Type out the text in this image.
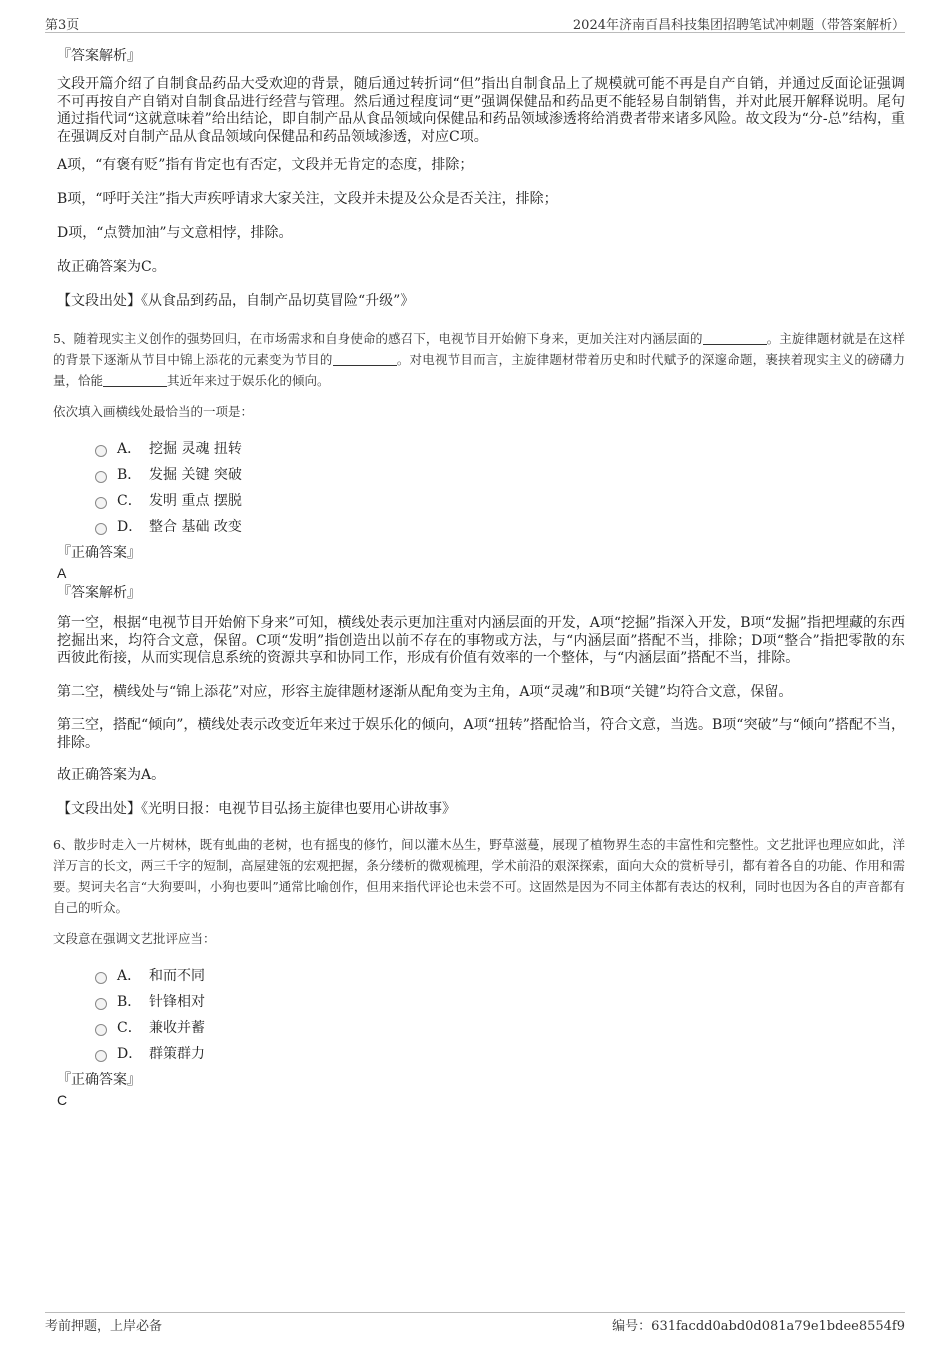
第3页	2024年济南百昌科技集团招聘笔试冲刺题（带答案解析）
『答案解析』

文段开篇介绍了自制食品药品大受欢迎的背景，随后通过转折词“但”指出自制食品上了规模就可能不再是自产自销，并通过反面论证强调不可再按自产自销对自制食品进行经营与管理。然后通过程度词“更”强调保健品和药品更不能轻易自制销售，并对此展开解释说明。尾句通过指代词“这就意味着”给出结论，即自制产品从食品领域向保健品和药品领域渗透将给消费者带来诸多风险。故文段为“分-总”结构，重在强调反对自制产品从食品领域向保健品和药品领域渗透，对应C项。

A项，“有褒有贬”指有肯定也有否定，文段并无肯定的态度，排除；

B项，“呼吁关注”指大声疾呼请求大家关注，文段并未提及公众是否关注，排除；

D项，“点赞加油”与文意相悖，排除。

故正确答案为C。

【文段出处】《从食品到药品，自制产品切莫冒险“升级”》

5、随着现实主义创作的强势回归，在市场需求和自身使命的感召下，电视节目开始俯下身来，更加关注对内涵层面的	。主旋律题材就是在这样的背景下逐渐从节目中锦上添花的元素变为节目的	。对电视节目而言，主旋律题材带着历史和时代赋予的深邃命题，裹挟着现实主义的磅礴力量，恰能	其近年来过于娱乐化的倾向。

依次填入画横线处最恰当的一项是：

A． 挖掘 灵魂 扭转
B． 发掘 关键 突破
C． 发明 重点 摆脱
D． 整合 基础 改变
『正确答案』
A
『答案解析』

第一空，根据“电视节目开始俯下身来”可知，横线处表示更加注重对内涵层面的开发，A项“挖掘”指深入开发，B项“发掘”指把埋藏的东西挖掘出来，均符合文意，保留。C项“发明”指创造出以前不存在的事物或方法，与“内涵层面”搭配不当，排除；D项“整合”指把零散的东西彼此衔接，从而实现信息系统的资源共享和协同工作，形成有价值有效率的一个整体，与“内涵层面”搭配不当，排除。

第二空，横线处与“锦上添花”对应，形容主旋律题材逐渐从配角变为主角，A项“灵魂”和B项“关键”均符合文意，保留。

第三空，搭配“倾向”，横线处表示改变近年来过于娱乐化的倾向，A项“扭转”搭配恰当，符合文意，当选。B项“突破”与“倾向”搭配不当，排除。

故正确答案为A。

【文段出处】《光明日报：电视节目弘扬主旋律也要用心讲故事》

6、散步时走入一片树林，既有虬曲的老树，也有摇曳的修竹，间以灌木丛生，野草滋蔓，展现了植物界生态的丰富性和完整性。文艺批评也理应如此，洋洋万言的长文，两三千字的短制，高屋建瓴的宏观把握，条分缕析的微观梳理，学术前沿的艰深探索，面向大众的赏析导引，都有着各自的功能、作用和需要。契诃夫名言“大狗要叫，小狗也要叫”通常比喻创作，但用来指代评论也未尝不可。这固然是因为不同主体都有表达的权利，同时也因为各自的声音都有自己的听众。

文段意在强调文艺批评应当：

A． 和而不同
B． 针锋相对
C． 兼收并蓄
D． 群策群力
『正确答案』
C
考前押题，上岸必备	编号：631facdd0abd0d081a79e1bdee8554f9
